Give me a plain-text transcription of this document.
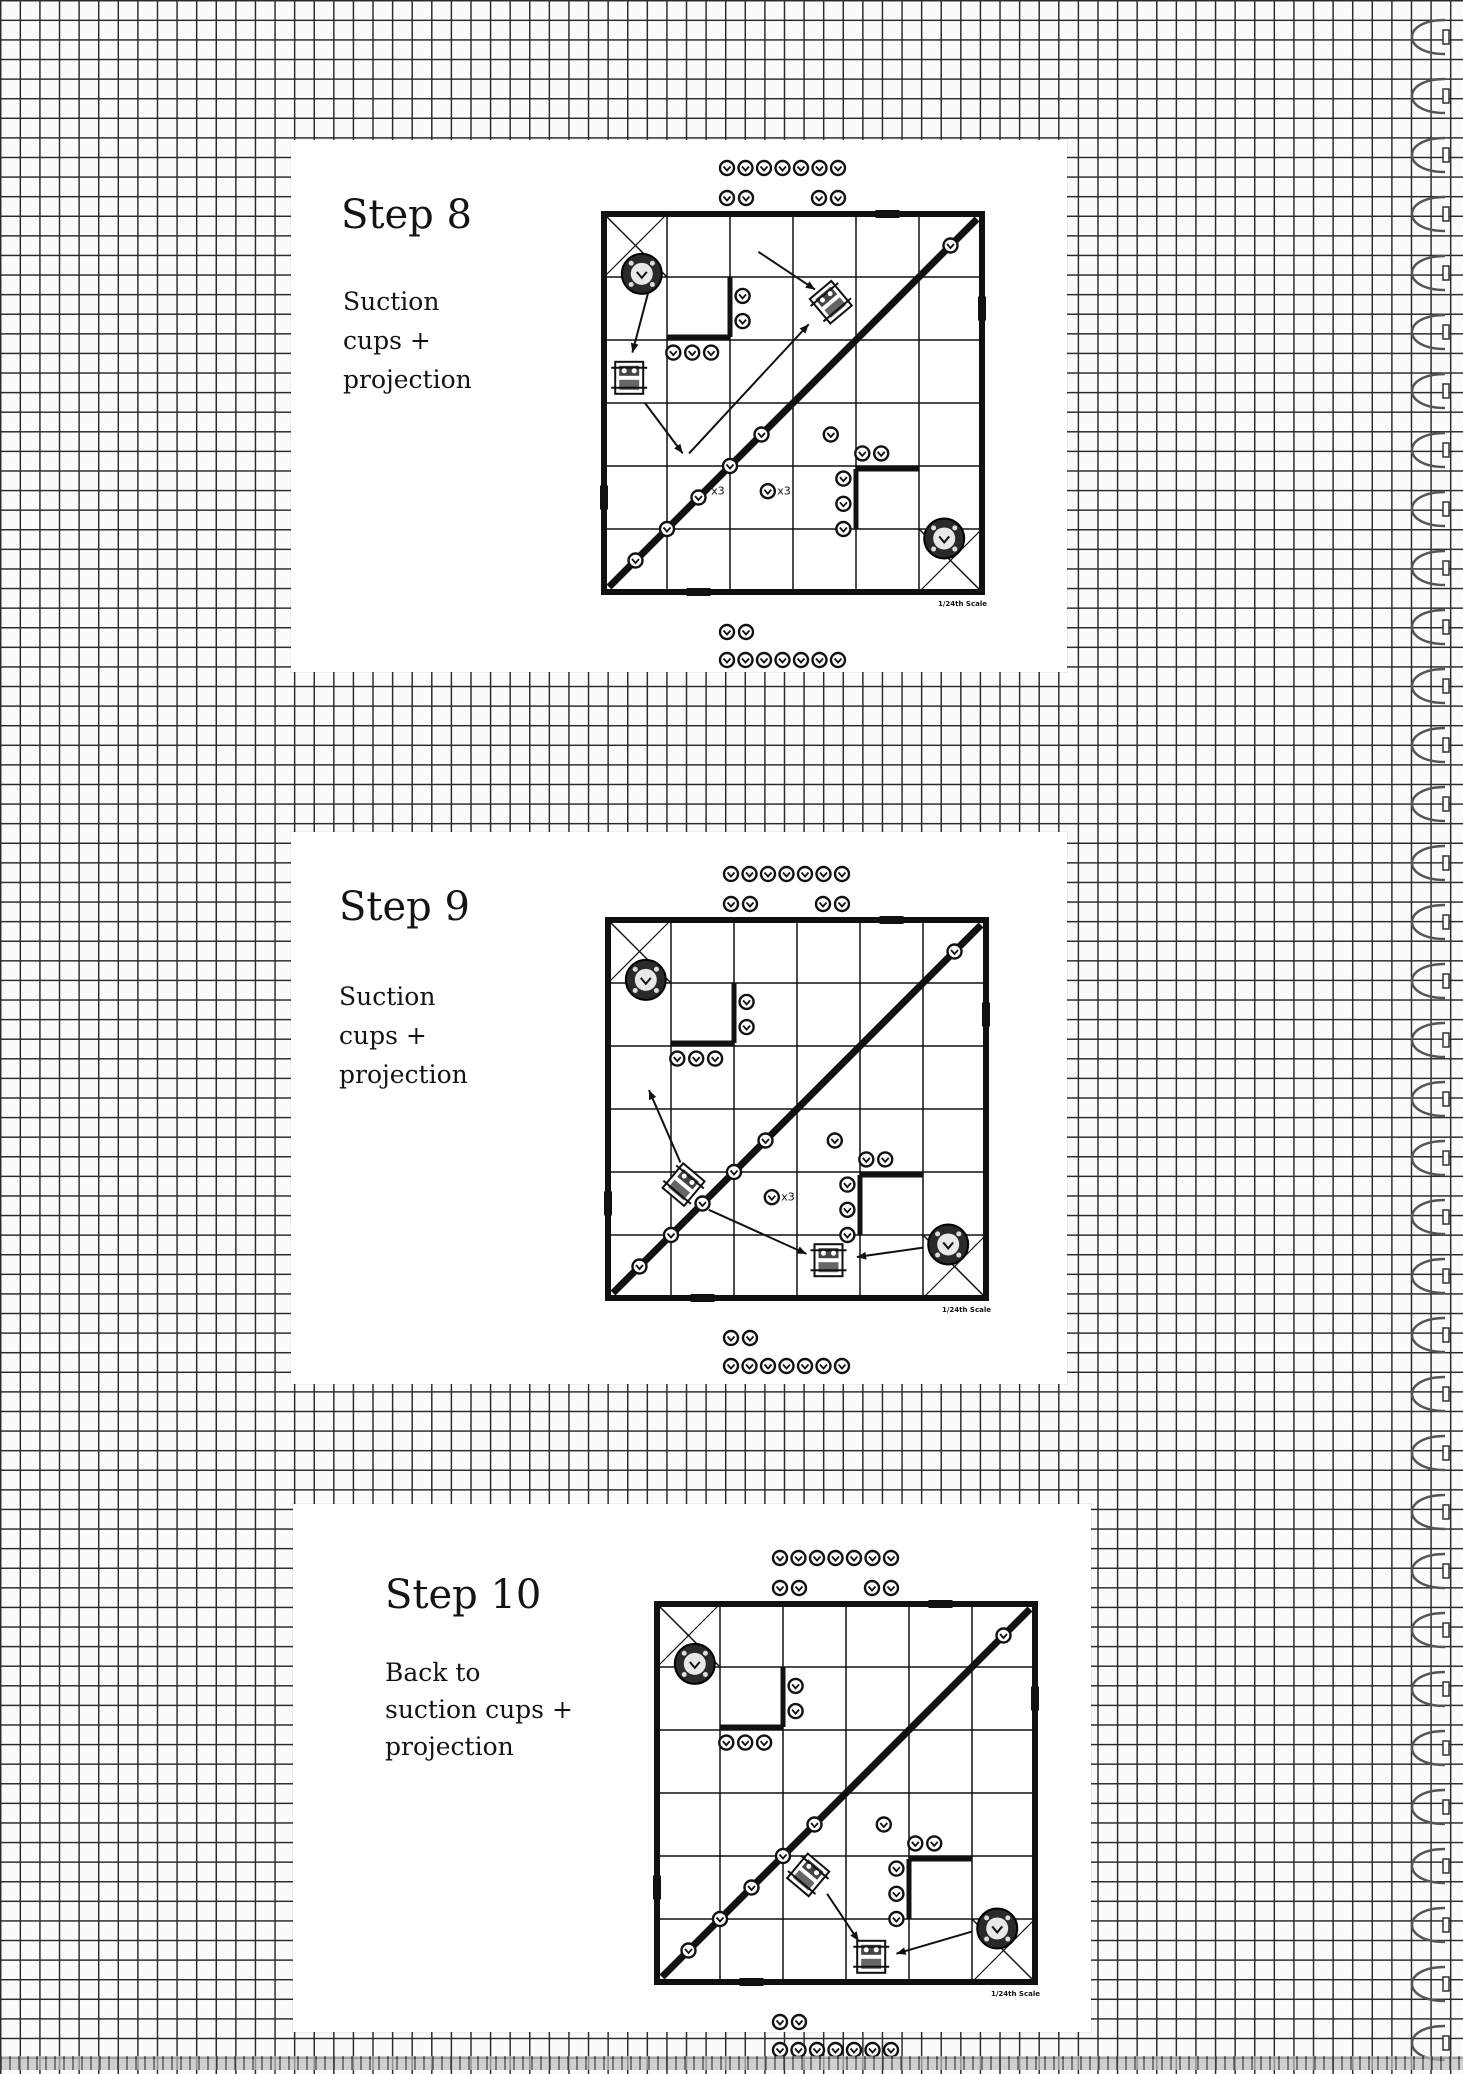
Step 8

Suction
cups +
projection

x3	x3
1/24th Scale
Step 9

Suction
cups +
projection

x3
1/24th Scale
Step 10

Back to
suction cups +
projection

1/24th Scale
